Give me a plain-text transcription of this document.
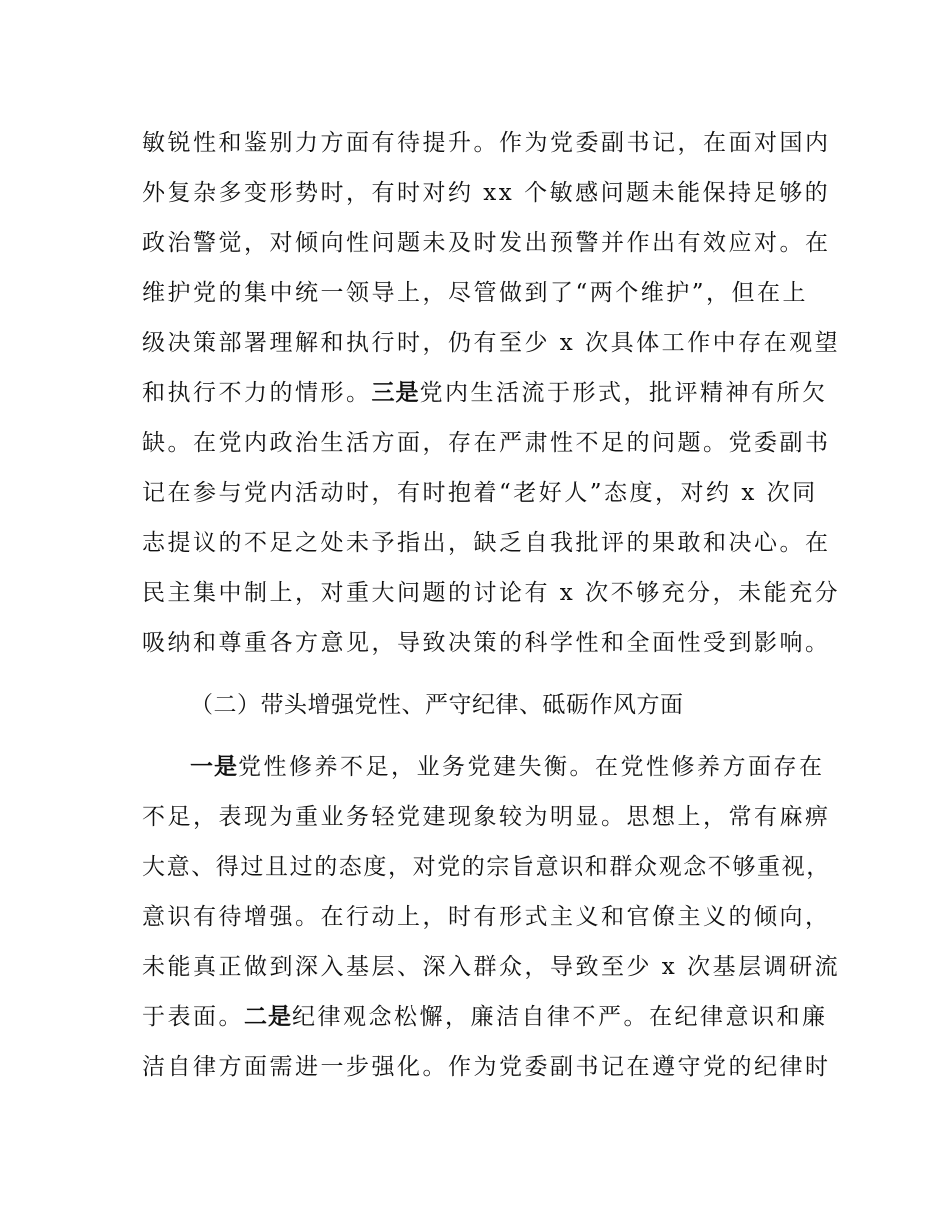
敏锐性和鉴别力方面有待提升。作为党委副书记，在面对国内
外复杂多变形势时，有时对约 xx 个敏感问题未能保持足够的
政治警觉，对倾向性问题未及时发出预警并作出有效应对。在
维护党的集中统一领导上，尽管做到了“两个维护”，但在上
级决策部署理解和执行时，仍有至少 x 次具体工作中存在观望
和执行不力的情形。三是党内生活流于形式，批评精神有所欠
缺。在党内政治生活方面，存在严肃性不足的问题。党委副书
记在参与党内活动时，有时抱着“老好人”态度，对约 x 次同
志提议的不足之处未予指出，缺乏自我批评的果敢和决心。在
民主集中制上，对重大问题的讨论有 x 次不够充分，未能充分
吸纳和尊重各方意见，导致决策的科学性和全面性受到影响。
（二）带头增强党性、严守纪律、砥砺作风方面
一是党性修养不足，业务党建失衡。在党性修养方面存在
不足，表现为重业务轻党建现象较为明显。思想上，常有麻痹
大意、得过且过的态度，对党的宗旨意识和群众观念不够重视，
意识有待增强。在行动上，时有形式主义和官僚主义的倾向，
未能真正做到深入基层、深入群众，导致至少 x 次基层调研流
于表面。二是纪律观念松懈，廉洁自律不严。在纪律意识和廉
洁自律方面需进一步强化。作为党委副书记在遵守党的纪律时
